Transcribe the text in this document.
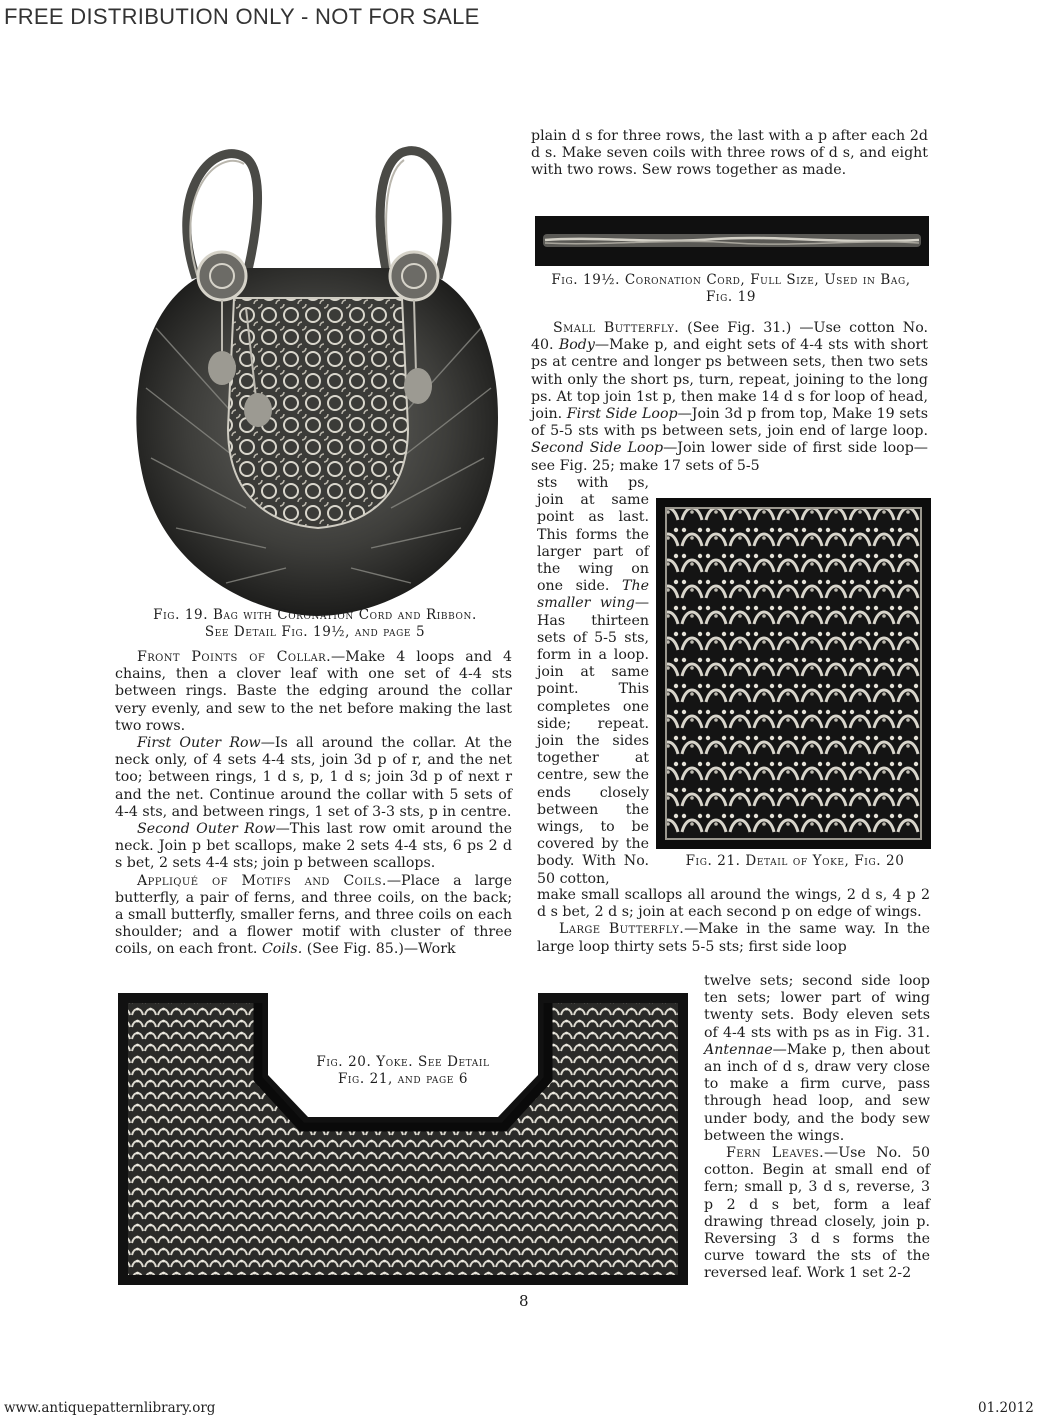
FREE DISTRIBUTION ONLY - NOT FOR SALE
Fig. 19. Bag with Coronation Cord and Ribbon.
See Detail Fig. 19½, and page 5

Front Points of Collar.—Make 4 loops and 4 chains, then a clover leaf with one set of 4-4 sts between rings. Baste the edging around the collar very evenly, and sew to the net before making the last two rows.

First Outer Row—Is all around the collar. At the neck only, of 4 sets 4-4 sts, join 3d p of r, and the net too; between rings, 1 d s, p, 1 d s; join 3d p of next r and the net. Continue around the collar with 5 sets of 4-4 sts, and between rings, 1 set of 3-3 sts, p in centre.

Second Outer Row—This last row omit around the neck. Join p bet scallops, make 2 sets 4-4 sts, 6 ps 2 d s bet, 2 sets 4-4 sts; join p between scallops.

Appliqué of Motifs and Coils.—Place a large butterfly, a pair of ferns, and three coils, on the back; a small butterfly, smaller ferns, and three coils on each shoulder; and a flower motif with cluster of three coils, on each front. Coils. (See Fig. 85.)—Work

plain d s for three rows, the last with a p after each 2d d s. Make seven coils with three rows of d s, and eight with two rows. Sew rows together as made.

Fig. 19½. Coronation Cord, Full Size, Used in Bag,
Fig. 19

Small Butterfly. (See Fig. 31.) —Use cotton No. 40. Body—Make p, and eight sets of 4-4 sts with short ps at centre and longer ps between sets, then two sets with only the short ps, turn, repeat, joining to the long ps. At top join 1st p, then make 14 d s for loop of head, join. First Side Loop—Join 3d p from top, Make 19 sets of 5-5 sts with ps between sets, join end of large loop. Second Side Loop—Join lower side of first side loop—see Fig. 25; make 17 sets of 5-5

sts with ps, join at same point as last. This forms the larger part of the wing on one side. The smaller wing—Has thirteen sets of 5-5 sts, form in a loop. join at same point. This completes one side; repeat. join the sides together at centre, sew the ends closely between the wings, to be covered by the body. With No. 50 cotton,

Fig. 21. Detail of Yoke, Fig. 20

make small scallops all around the wings, 2 d s, 4 p 2 d s bet, 2 d s; join at each second p on edge of wings.

Large Butterfly.—Make in the same way. In the large loop thirty sets 5-5 sts; first side loop

twelve sets; second side loop ten sets; lower part of wing twenty sets. Body eleven sets of 4-4 sts with ps as in Fig. 31. Antennae—Make p, then about an inch of d s, draw very close to make a firm curve, pass through head loop, and sew under body, and the body sew between the wings.

Fern Leaves.—Use No. 50 cotton. Begin at small end of fern; small p, 3 d s, reverse, 3 p 2 d s bet, form a leaf drawing thread closely, join p. Reversing 3 d s forms the curve toward the sts of the reversed leaf. Work 1 set 2-2

Fig. 20. Yoke. See Detail
Fig. 21, and page 6
8
www.antiquepatternlibrary.org	01.2012
